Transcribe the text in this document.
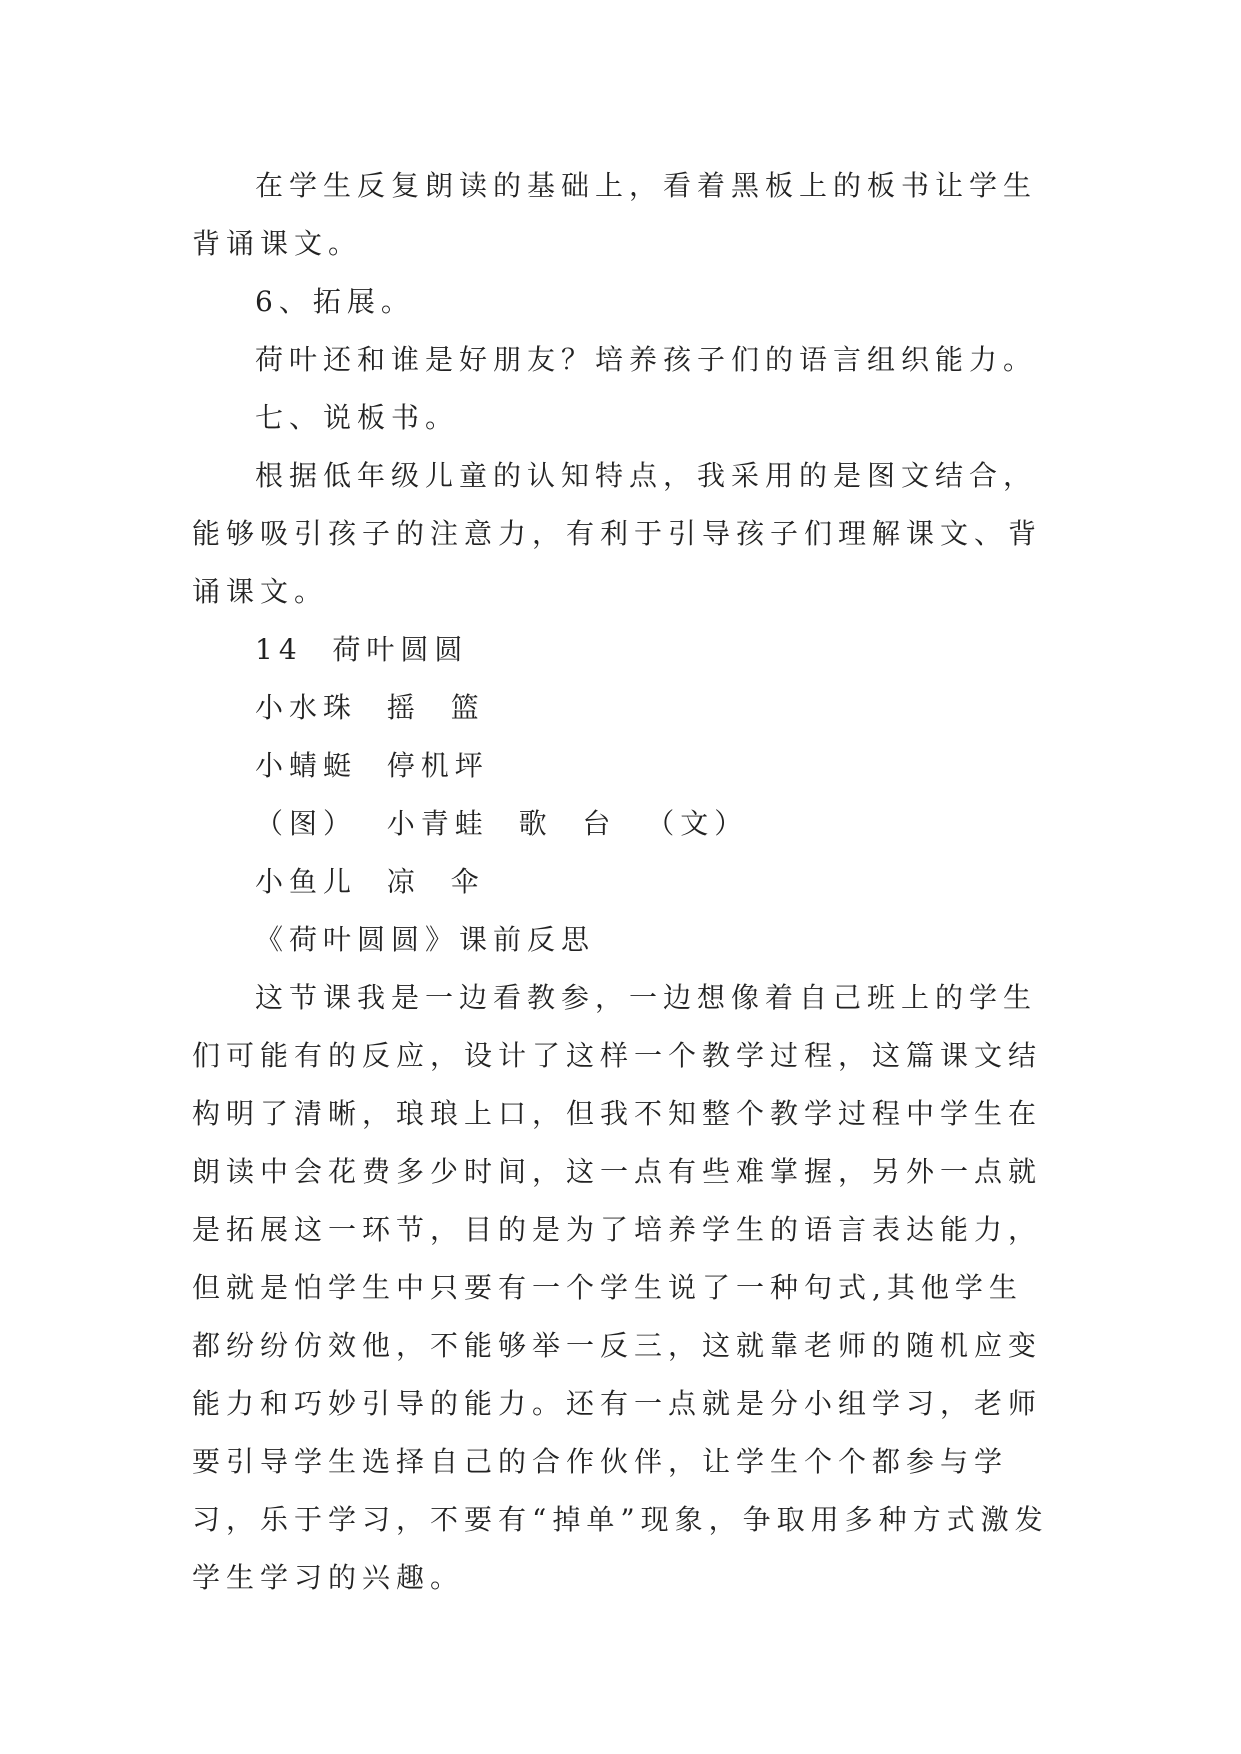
在学生反复朗读的基础上，看着黑板上的板书让学生背诵课文。

6、拓展。

荷叶还和谁是好朋友？培养孩子们的语言组织能力。

七、说板书。

根据低年级儿童的认知特点，我采用的是图文结合，能够吸引孩子的注意力，有利于引导孩子们理解课文、背诵课文。

14  荷叶圆圆

小水珠  摇  篮

小蜻蜓  停机坪

（图）  小青蛙  歌  台  （文）

小鱼儿  凉  伞

《荷叶圆圆》课前反思

这节课我是一边看教参，一边想像着自己班上的学生们可能有的反应，设计了这样一个教学过程，这篇课文结构明了清晰，琅琅上口，但我不知整个教学过程中学生在朗读中会花费多少时间，这一点有些难掌握，另外一点就是拓展这一环节，目的是为了培养学生的语言表达能力，但就是怕学生中只要有一个学生说了一种句式,其他学生都纷纷仿效他，不能够举一反三，这就靠老师的随机应变能力和巧妙引导的能力。还有一点就是分小组学习，老师要引导学生选择自己的合作伙伴，让学生个个都参与学习，乐于学习，不要有“掉单”现象，争取用多种方式激发学生学习的兴趣。
